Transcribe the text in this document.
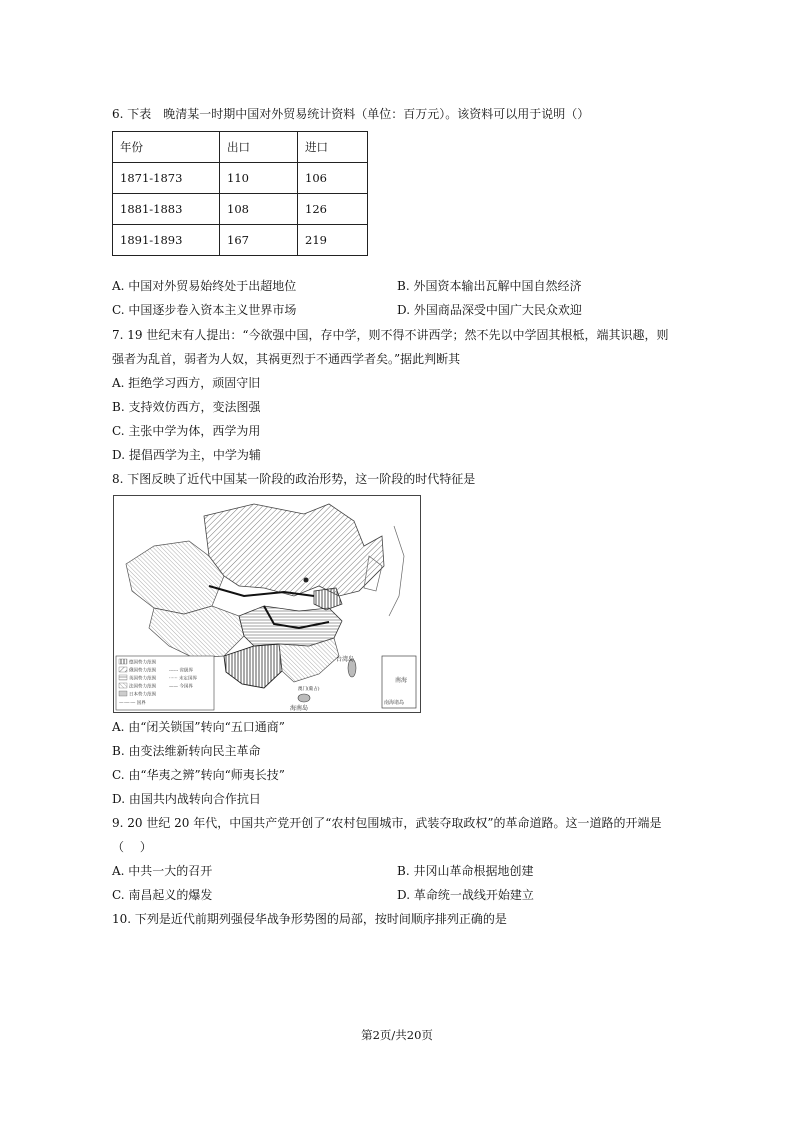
6. 下表　晚清某一时期中国对外贸易统计资料（单位：百万元）。该资料可以用于说明（）
年份	出口	进口
1871-1873	110	106
1881-1883	108	126
1891-1893	167	219
A. 中国对外贸易始终处于出超地位	B. 外国资本输出瓦解中国自然经济
C. 中国逐步卷入资本主义世界市场	D. 外国商品深受中国广大民众欢迎
7. 19 世纪末有人提出：“今欲强中国，存中学，则不得不讲西学；然不先以中学固其根柢，端其识趣，则
强者为乱首，弱者为人奴，其祸更烈于不通西学者矣。”据此判断其
A. 拒绝学习西方，顽固守旧
B. 支持效仿西方，变法图强
C. 主张中学为体，西学为用
D. 提倡西学为主，中学为辅
8. 下图反映了近代中国某一阶段的政治形势，这一阶段的时代特征是
南海
南海诸岛
台湾岛
海南岛
澳门(葡占)
德国势力范围
俄国势力范围
英国势力范围
法国势力范围
日本势力范围
—·—·— 国界
------ 省级界
······ 未定国界
—— 今国界
A. 由“闭关锁国”转向“五口通商”
B. 由变法维新转向民主革命
C. 由“华夷之辨”转向“师夷长技”
D. 由国共内战转向合作抗日
9. 20 世纪 20 年代，中国共产党开创了“农村包围城市，武装夺取政权”的革命道路。这一道路的开端是
（　 ）
A. 中共一大的召开	B. 井冈山革命根据地创建
C. 南昌起义的爆发	D. 革命统一战线开始建立
10. 下列是近代前期列强侵华战争形势图的局部，按时间顺序排列正确的是
第2页/共20页
